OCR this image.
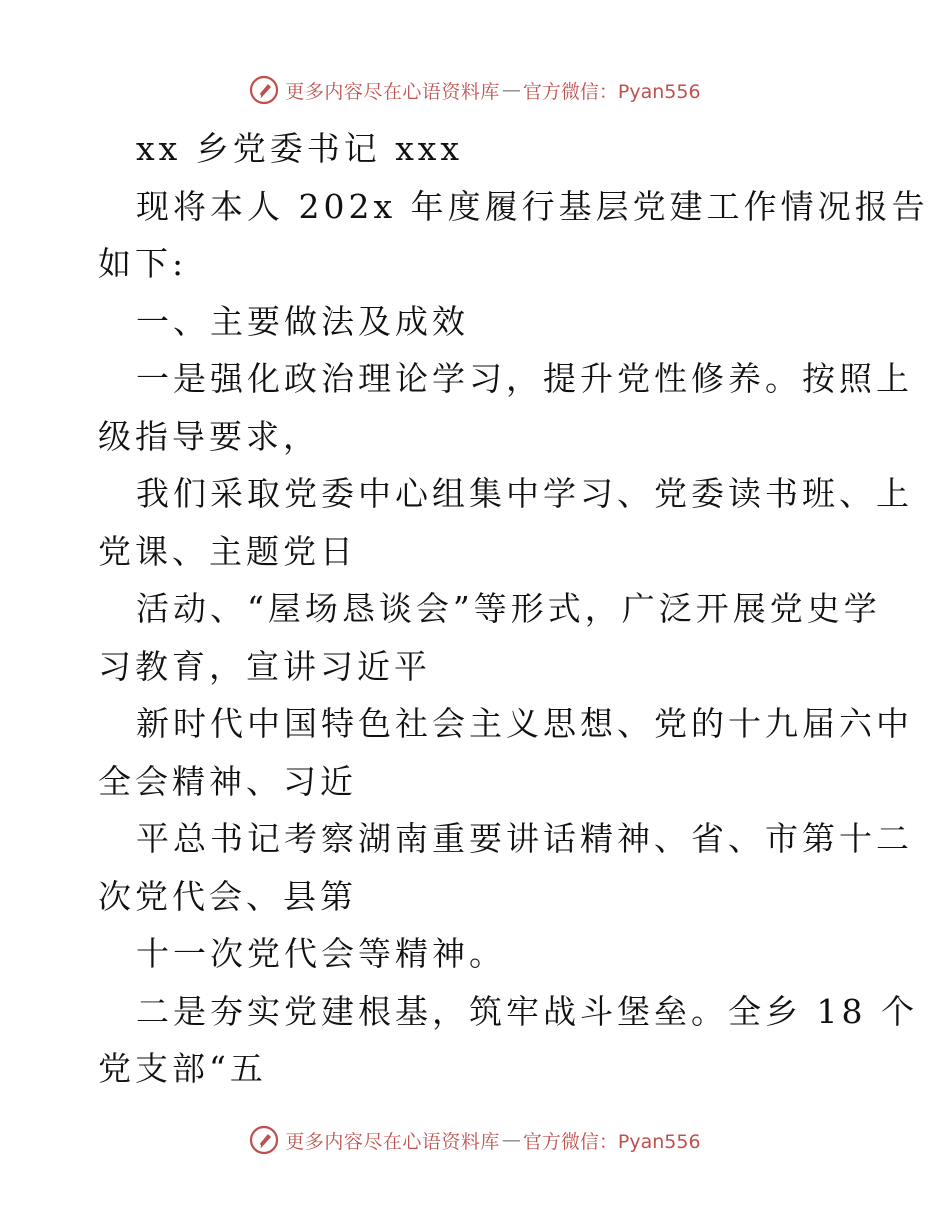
更多内容尽在心语资料库 — 官方微信：Pyan556
xx 乡党委书记 xxx
现将本人 202x 年度履行基层党建工作情况报告
如下:
一、主要做法及成效
一是强化政治理论学习，提升党性修养。按照上
级指导要求，
我们采取党委中心组集中学习、党委读书班、上
党课、主题党日
活动、“屋场恳谈会”等形式，广泛开展党史学
习教育，宣讲习近平
新时代中国特色社会主义思想、党的十九届六中
全会精神、习近
平总书记考察湖南重要讲话精神、省、市第十二
次党代会、县第
十一次党代会等精神。
二是夯实党建根基，筑牢战斗堡垒。全乡 18 个
党支部“五
更多内容尽在心语资料库 — 官方微信：Pyan556
